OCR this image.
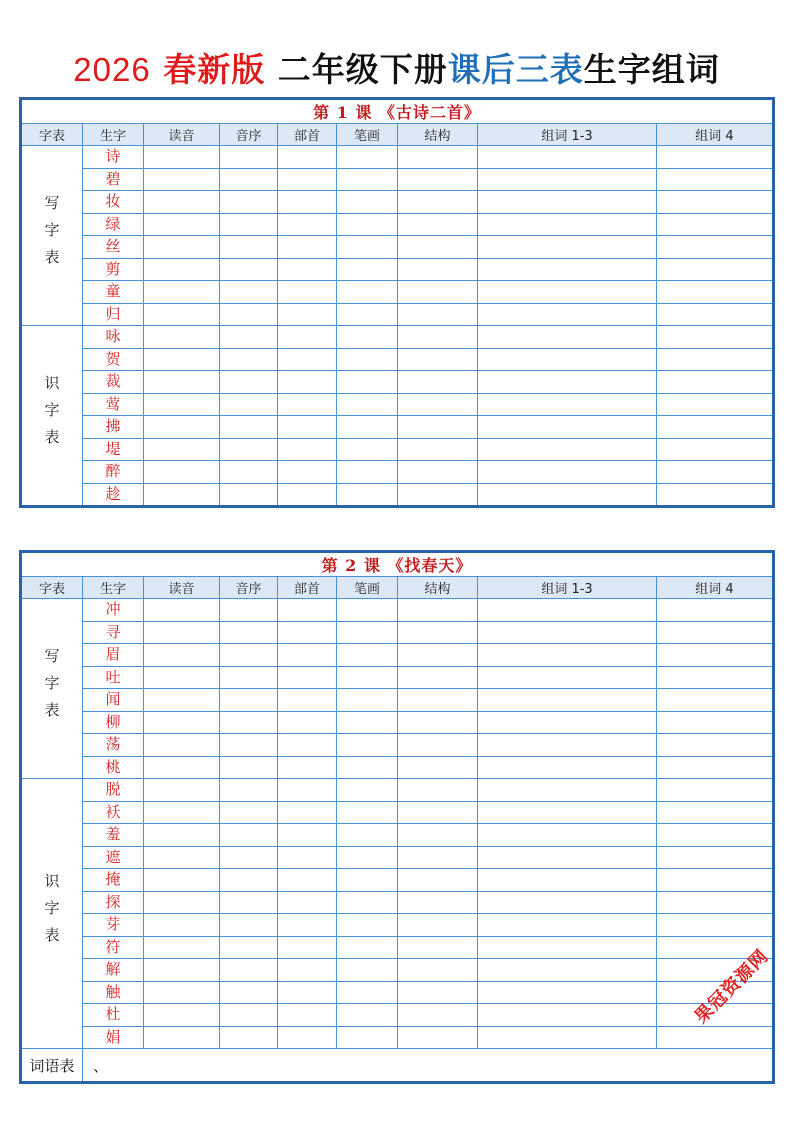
2026 春新版 二年级下册课后三表生字组词
第 1 课 《古诗二首》								
字表	生字	读音	音序	部首	笔画	结构	组词 1-3	组词 4
写字表	诗							
	碧							
	妆							
	绿							
	丝							
	剪							
	童							
	归							
识字表	咏							
	贺							
	裁							
	莺							
	拂							
	堤							
	醉							
	趁							
第 2 课 《找春天》								
字表	生字	读音	音序	部首	笔画	结构	组词 1-3	组词 4
写字表	冲							
	寻							
	眉							
	吐							
	闻							
	柳							
	荡							
	桃							
识字表	脱							
	袄							
	羞							
	遮							
	掩							
	探							
	芽							
	符							
	解							
	触							
	杜							
	娟							
词语表	、							
果冠资源网
